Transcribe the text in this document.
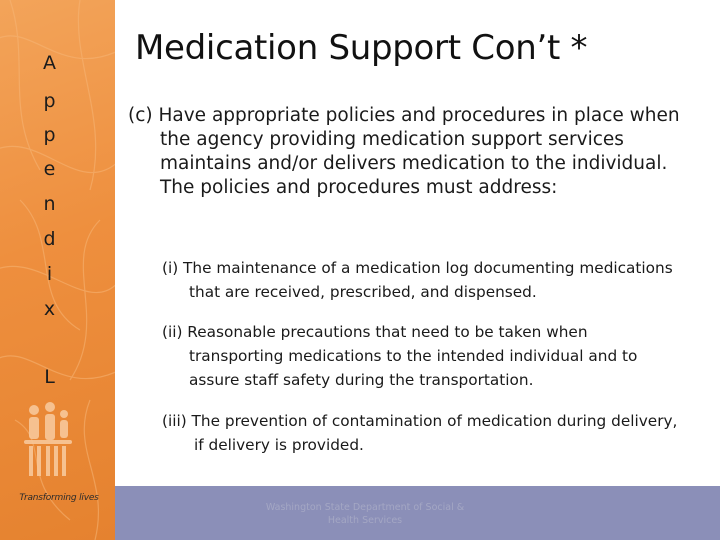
A
p
p
e
n
d
i
x
L
Transforming lives
Medication Support Con’t *
(c) Have appropriate policies and procedures in place when
the agency providing medication support services
maintains and/or delivers medication to the individual.
The policies and procedures must address:
(i) The maintenance of a medication log documenting medications
that are received, prescribed, and dispensed.
(ii) Reasonable precautions that need to be taken when
transporting medications to the intended individual and to
assure staff safety during the transportation.
(iii) The prevention of contamination of medication during delivery,
if delivery is provided.
4 of 6
Washington State Department of Social &
Health Services
